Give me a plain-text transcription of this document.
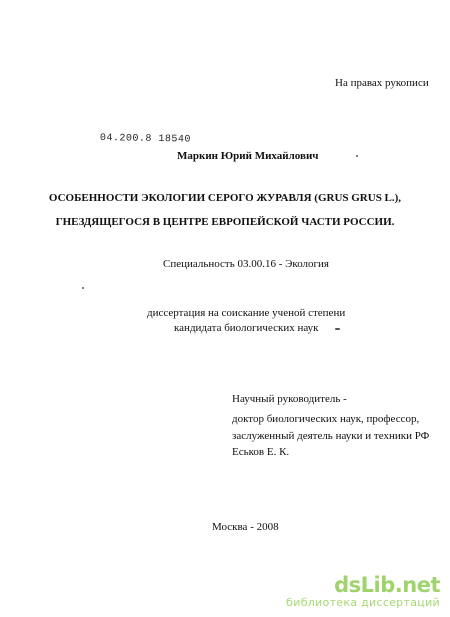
На правах рукописи
04.200.8 18540
Маркин Юрий Михайлович
ОСОБЕННОСТИ ЭКОЛОГИИ СЕРОГО ЖУРАВЛЯ (GRUS GRUS L.),
ГНЕЗДЯЩЕГОСЯ В ЦЕНТРЕ ЕВРОПЕЙСКОЙ ЧАСТИ РОССИИ.
Специальность 03.00.16 - Экология
диссертация на соискание ученой степени
кандидата биологических наук
Научный руководитель -
доктор биологических наук, профессор,
заслуженный деятель науки и техники РФ
Еськов Е. К.
Москва - 2008
dsLib.net
библиотека диссертаций
